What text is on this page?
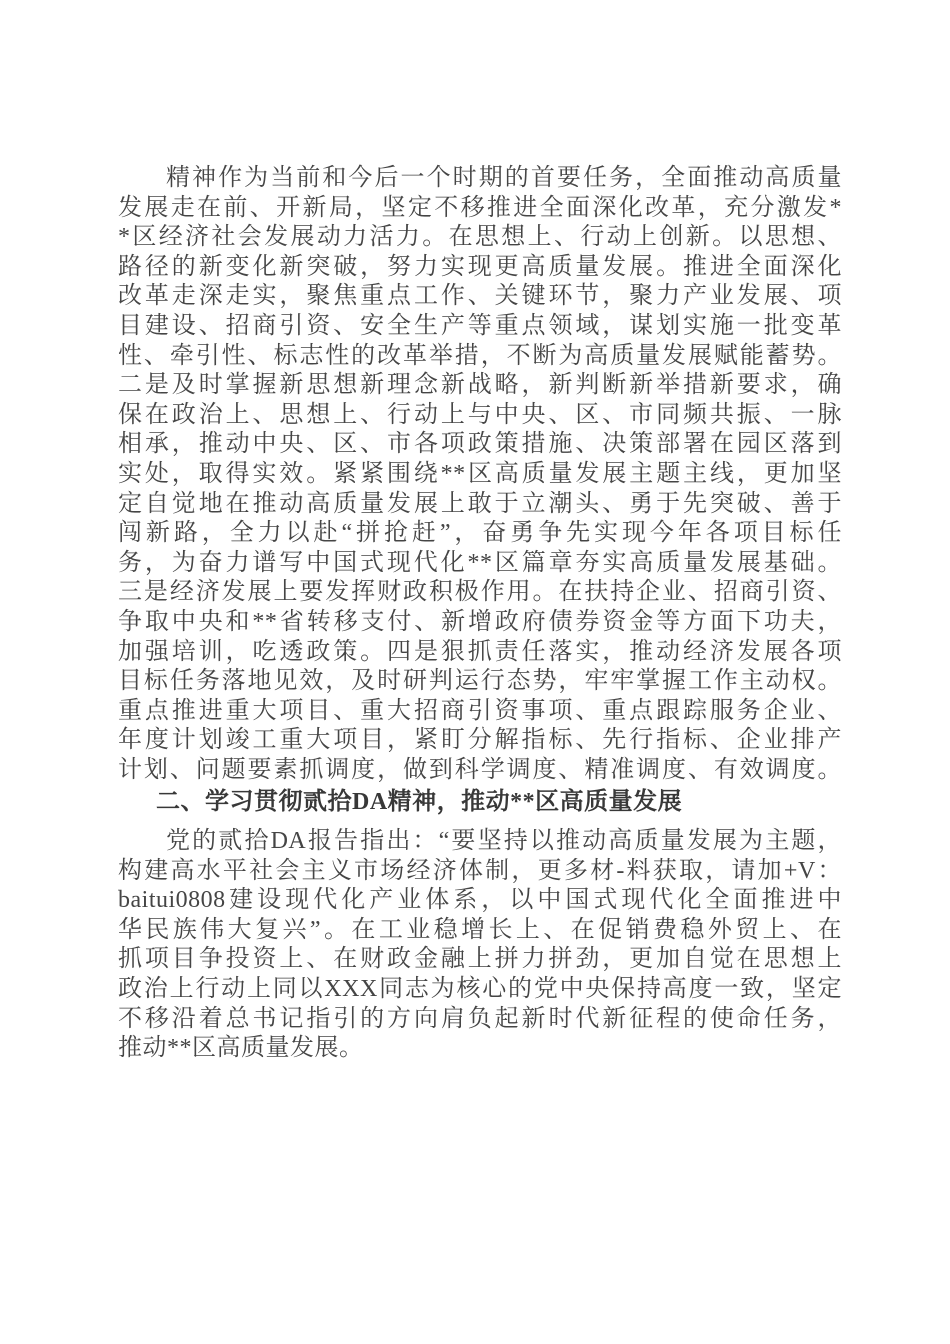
精神作为当前和今后一个时期的首要任务，全面推动高质量
发展走在前、开新局，坚定不移推进全面深化改革，充分激发*
*区经济社会发展动力活力。在思想上、行动上创新。以思想、
路径的新变化新突破，努力实现更高质量发展。推进全面深化
改革走深走实，聚焦重点工作、关键环节，聚力产业发展、项
目建设、招商引资、安全生产等重点领域，谋划实施一批变革
性、牵引性、标志性的改革举措，不断为高质量发展赋能蓄势。
二是及时掌握新思想新理念新战略，新判断新举措新要求，确
保在政治上、思想上、行动上与中央、区、市同频共振、一脉
相承，推动中央、区、市各项政策措施、决策部署在园区落到
实处，取得实效。紧紧围绕**区高质量发展主题主线，更加坚
定自觉地在推动高质量发展上敢于立潮头、勇于先突破、善于
闯新路，全力以赴“拼抢赶”，奋勇争先实现今年各项目标任
务，为奋力谱写中国式现代化**区篇章夯实高质量发展基础。
三是经济发展上要发挥财政积极作用。在扶持企业、招商引资、
争取中央和**省转移支付、新增政府债券资金等方面下功夫，
加强培训，吃透政策。四是狠抓责任落实，推动经济发展各项
目标任务落地见效，及时研判运行态势，牢牢掌握工作主动权。
重点推进重大项目、重大招商引资事项、重点跟踪服务企业、
年度计划竣工重大项目，紧盯分解指标、先行指标、企业排产
计划、问题要素抓调度，做到科学调度、精准调度、有效调度。
二、学习贯彻贰拾DA精神，推动**区高质量发展
党的贰拾DA报告指出：“要坚持以推动高质量发展为主题，
构建高水平社会主义市场经济体制，更多材-料获取，请加+V：
baitui0808建设现代化产业体系，以中国式现代化全面推进中
华民族伟大复兴”。在工业稳增长上、在促销费稳外贸上、在
抓项目争投资上、在财政金融上拼力拼劲，更加自觉在思想上
政治上行动上同以XXX同志为核心的党中央保持高度一致，坚定
不移沿着总书记指引的方向肩负起新时代新征程的使命任务，
推动**区高质量发展。
